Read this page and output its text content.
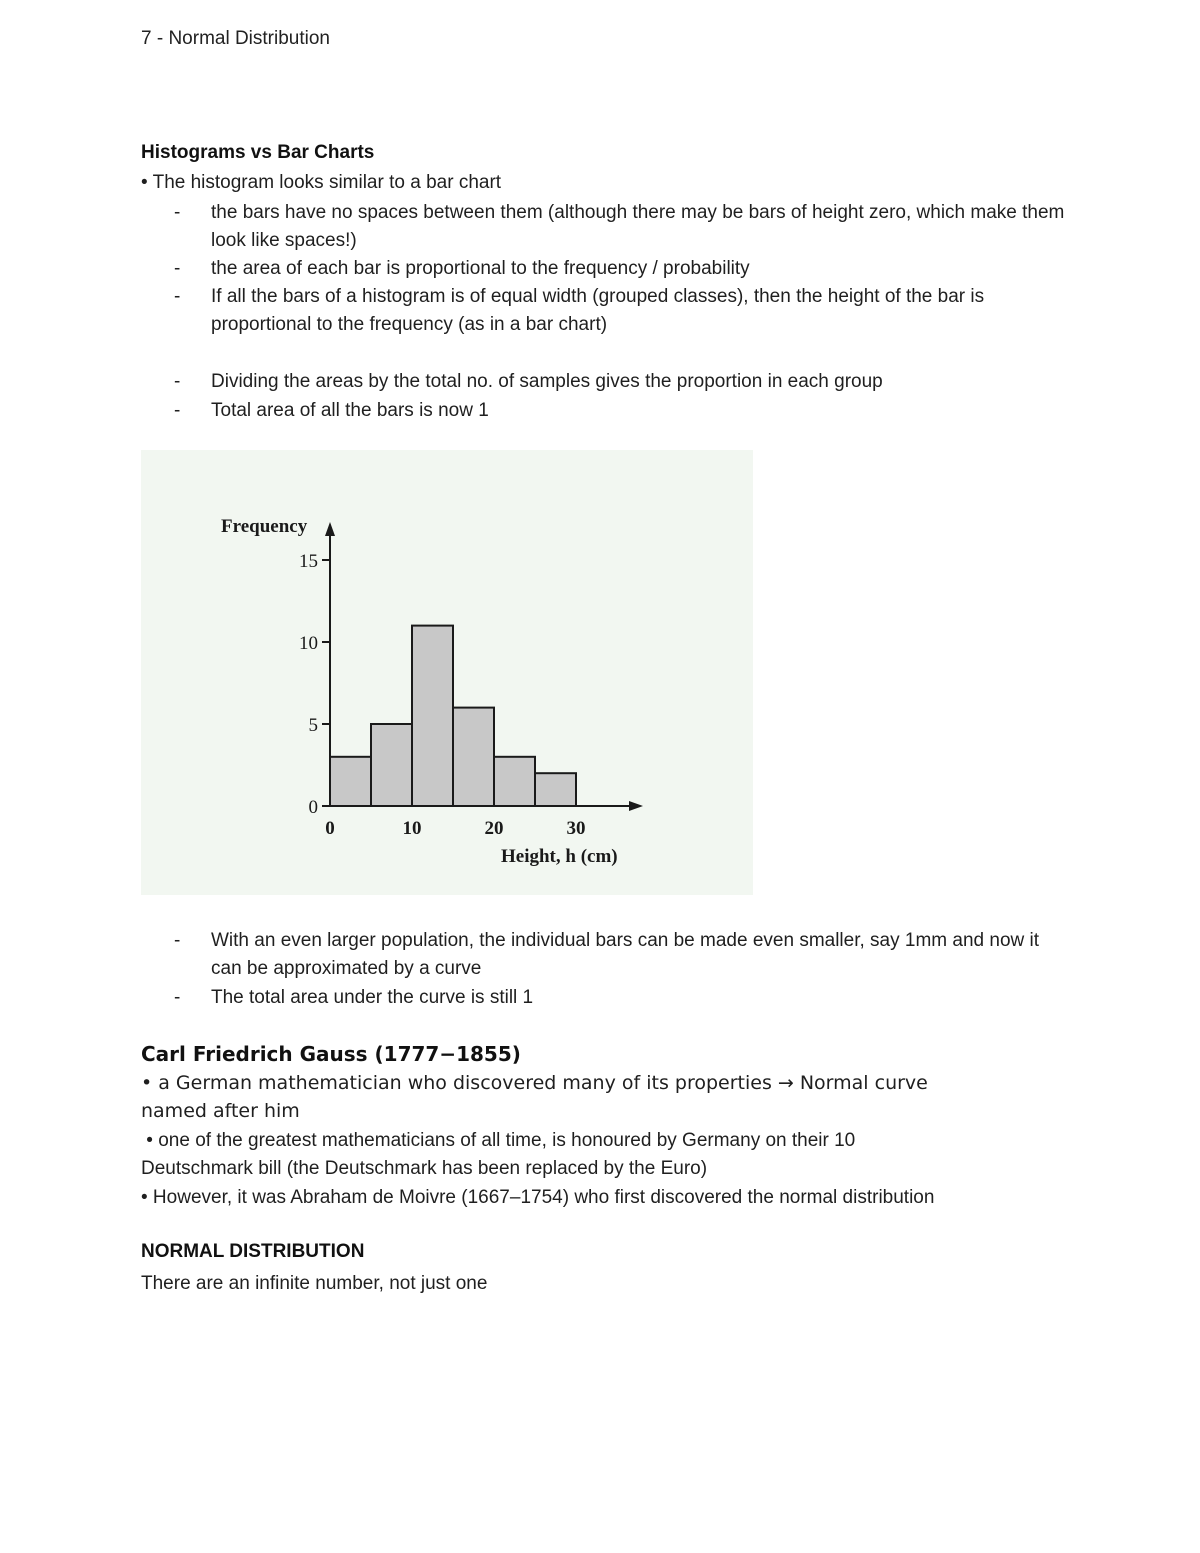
7 - Normal Distribution
Histograms vs Bar Charts
• The histogram looks similar to a bar chart
- the bars have no spaces between them (although there may be bars of height zero, which make them look like spaces!)
- the area of each bar is proportional to the frequency / probability
- If all the bars of a histogram is of equal width (grouped classes), then the height of the bar is proportional to the frequency (as in a bar chart)
- Dividing the areas by the total no. of samples gives the proportion in each group
- Total area of all the bars is now 1
0
5
10
15
0	10	20	30
Frequency
Height, h (cm)
- With an even larger population, the individual bars can be made even smaller, say 1mm and now it can be approximated by a curve
- The total area under the curve is still 1
Carl Friedrich Gauss (1777−1855)
• a German mathematician who discovered many of its properties → Normal curve
named after him
• one of the greatest mathematicians of all time, is honoured by Germany on their 10
Deutschmark bill (the Deutschmark has been replaced by the Euro)
• However, it was Abraham de Moivre (1667–1754) who first discovered the normal distribution
NORMAL DISTRIBUTION
There are an infinite number, not just one
